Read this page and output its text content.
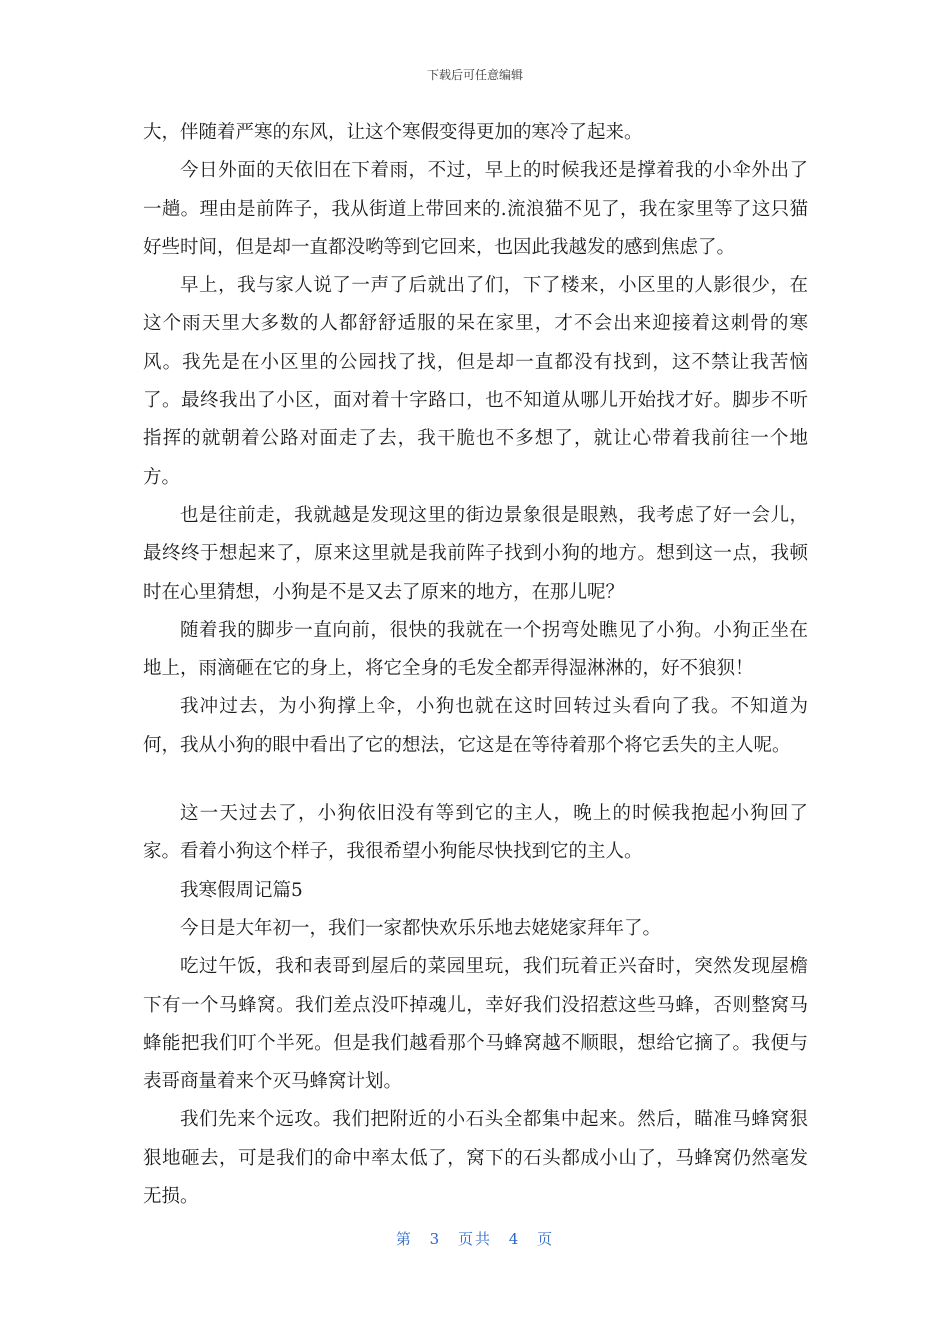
下载后可任意编辑

大，伴随着严寒的东风，让这个寒假变得更加的寒冷了起来。

今日外面的天依旧在下着雨，不过，早上的时候我还是撑着我的小伞外出了一趟。理由是前阵子，我从街道上带回来的.流浪猫不见了，我在家里等了这只猫好些时间，但是却一直都没哟等到它回来，也因此我越发的感到焦虑了。

早上，我与家人说了一声了后就出了们，下了楼来，小区里的人影很少，在这个雨天里大多数的人都舒舒适服的呆在家里，才不会出来迎接着这刺骨的寒风。我先是在小区里的公园找了找，但是却一直都没有找到，这不禁让我苦恼了。最终我出了小区，面对着十字路口，也不知道从哪儿开始找才好。脚步不听指挥的就朝着公路对面走了去，我干脆也不多想了，就让心带着我前往一个地方。

也是往前走，我就越是发现这里的街边景象很是眼熟，我考虑了好一会儿，最终终于想起来了，原来这里就是我前阵子找到小狗的地方。想到这一点，我顿时在心里猜想，小狗是不是又去了原来的地方，在那儿呢？

随着我的脚步一直向前，很快的我就在一个拐弯处瞧见了小狗。小狗正坐在地上，雨滴砸在它的身上，将它全身的毛发全都弄得湿淋淋的，好不狼狈！

我冲过去，为小狗撑上伞，小狗也就在这时回转过头看向了我。不知道为何，我从小狗的眼中看出了它的想法，它这是在等待着那个将它丢失的主人呢。

这一天过去了，小狗依旧没有等到它的主人，晚上的时候我抱起小狗回了家。看着小狗这个样子，我很希望小狗能尽快找到它的主人。

我寒假周记篇5

今日是大年初一，我们一家都快欢乐乐地去姥姥家拜年了。

吃过午饭，我和表哥到屋后的菜园里玩，我们玩着正兴奋时，突然发现屋檐下有一个马蜂窝。我们差点没吓掉魂儿，幸好我们没招惹这些马蜂，否则整窝马蜂能把我们叮个半死。但是我们越看那个马蜂窝越不顺眼，想给它摘了。我便与表哥商量着来个灭马蜂窝计划。

我们先来个远攻。我们把附近的小石头全都集中起来。然后，瞄准马蜂窝狠狠地砸去，可是我们的命中率太低了，窝下的石头都成小山了，马蜂窝仍然毫发无损。

第 3 页共 4 页
